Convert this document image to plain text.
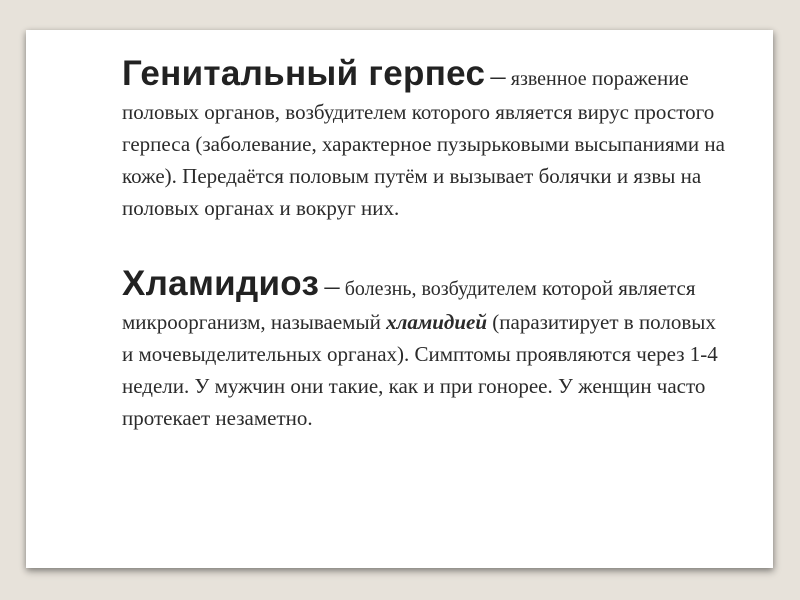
Генитальный герпес – язвенное поражение половых органов, возбудителем которого является вирус простого герпеса (заболевание, характерное пузырьковыми высыпаниями на коже). Передаётся половым путём и вызывает болячки и язвы на половых органах и вокруг них.

Хламидиоз – болезнь, возбудителем которой является микроорганизм, называемый хламидией (паразитирует в половых и мочевыделительных органах). Симптомы проявляются через 1-4 недели. У мужчин они такие, как и при гонорее. У женщин часто протекает незаметно.
